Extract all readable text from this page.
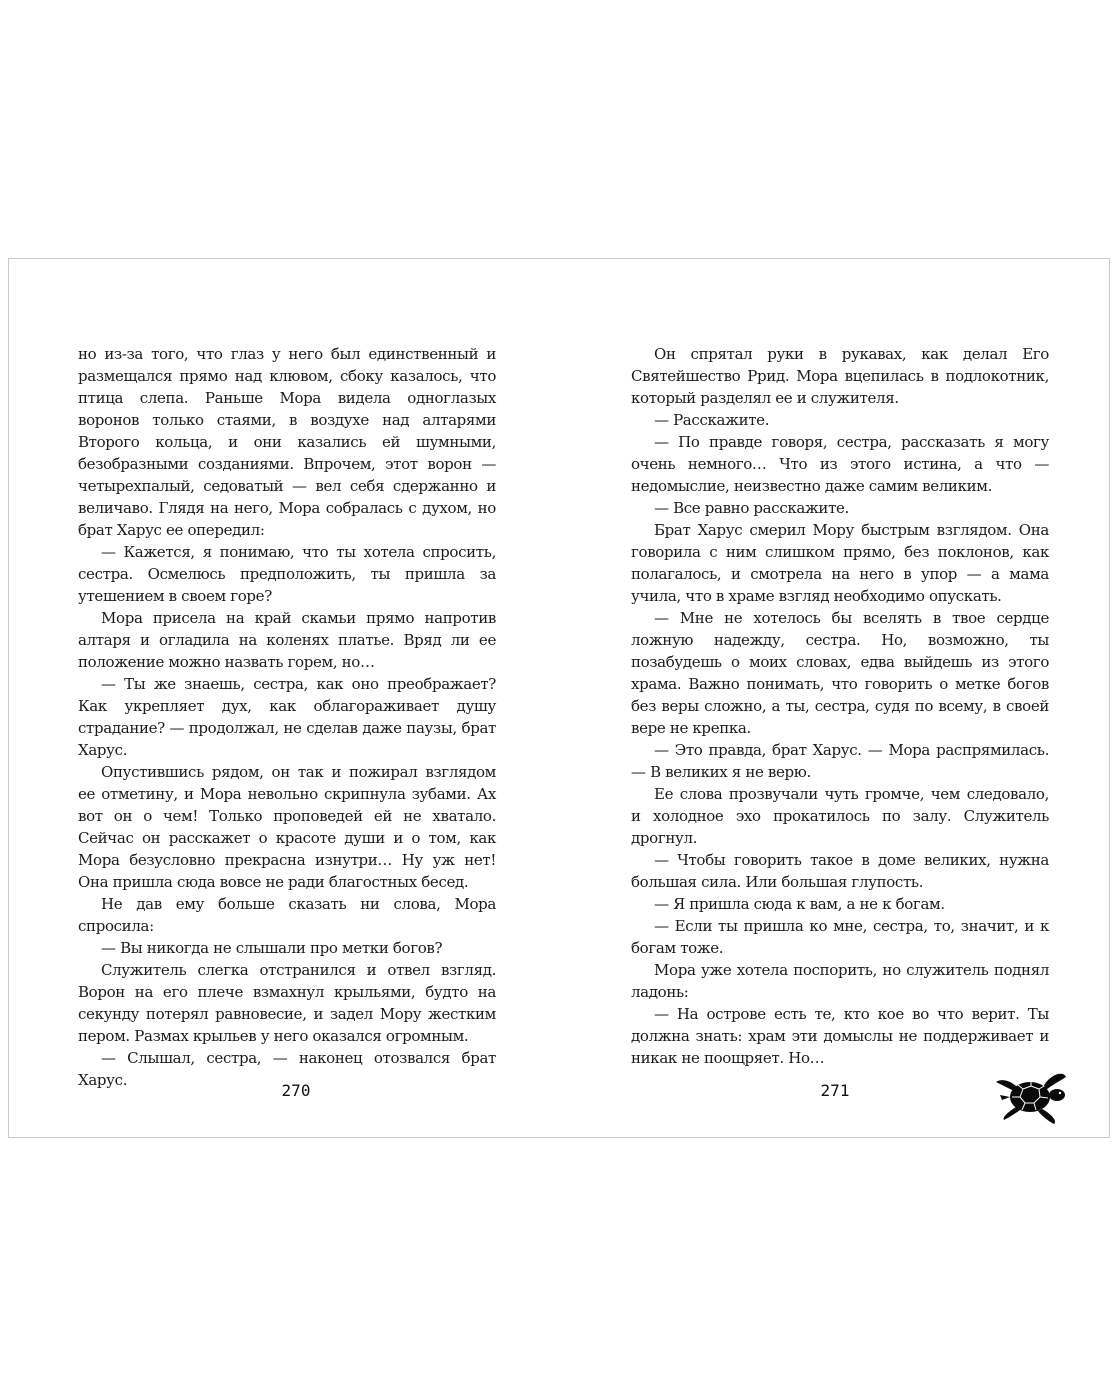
но из-за того, что глаз у него был единственный и размещался прямо над клювом, сбоку казалось, что птица слепа. Раньше Мора видела одноглазых воронов только стаями, в воздухе над алтарями Второго кольца, и они казались ей шумными, безобразными созданиями. Впрочем, этот ворон — четырехпалый, седоватый — вел себя сдержанно и величаво. Глядя на него, Мора собралась с духом, но брат Харус ее опередил:

— Кажется, я понимаю, что ты хотела спросить, сестра. Осмелюсь предположить, ты пришла за утешением в своем горе?

Мора присела на край скамьи прямо напротив алтаря и огладила на коленях платье. Вряд ли ее положение можно назвать горем, но…

— Ты же знаешь, сестра, как оно преображает? Как укрепляет дух, как облагораживает душу страдание? — продолжал, не сделав даже паузы, брат Харус.

Опустившись рядом, он так и пожирал взглядом ее отметину, и Мора невольно скрипнула зубами. Ах вот он о чем! Только проповедей ей не хватало. Сейчас он расскажет о красоте души и о том, как Мора безусловно прекрасна изнутри… Ну уж нет! Она пришла сюда вовсе не ради благостных бесед.

Не дав ему больше сказать ни слова, Мора спросила:

— Вы никогда не слышали про метки богов?

Служитель слегка отстранился и отвел взгляд. Ворон на его плече взмахнул крыльями, будто на секунду потерял равновесие, и задел Мору жестким пером. Размах крыльев у него оказался огромным.

— Слышал, сестра, — наконец отозвался брат Харус.

Он спрятал руки в рукавах, как делал Его Святейшество Ррид. Мора вцепилась в подлокотник, который разделял ее и служителя.

— Расскажите.

— По правде говоря, сестра, рассказать я могу очень немного… Что из этого истина, а что — недомыслие, неизвестно даже самим великим.

— Все равно расскажите.

Брат Харус смерил Мору быстрым взглядом. Она говорила с ним слишком прямо, без поклонов, как полагалось, и смотрела на него в упор — а мама учила, что в храме взгляд необходимо опускать.

— Мне не хотелось бы вселять в твое сердце ложную надежду, сестра. Но, возможно, ты позабудешь о моих словах, едва выйдешь из этого храма. Важно понимать, что говорить о метке богов без веры сложно, а ты, сестра, судя по всему, в своей вере не крепка.

— Это правда, брат Харус. — Мора распрямилась. — В великих я не верю.

Ее слова прозвучали чуть громче, чем следовало, и холодное эхо прокатилось по залу. Служитель дрогнул.

— Чтобы говорить такое в доме великих, нужна большая сила. Или большая глупость.

— Я пришла сюда к вам, а не к богам.

— Если ты пришла ко мне, сестра, то, значит, и к богам тоже.

Мора уже хотела поспорить, но служитель поднял ладонь:

— На острове есть те, кто кое во что верит. Ты должна знать: храм эти домыслы не поддерживает и никак не поощряет. Но…

270	271
